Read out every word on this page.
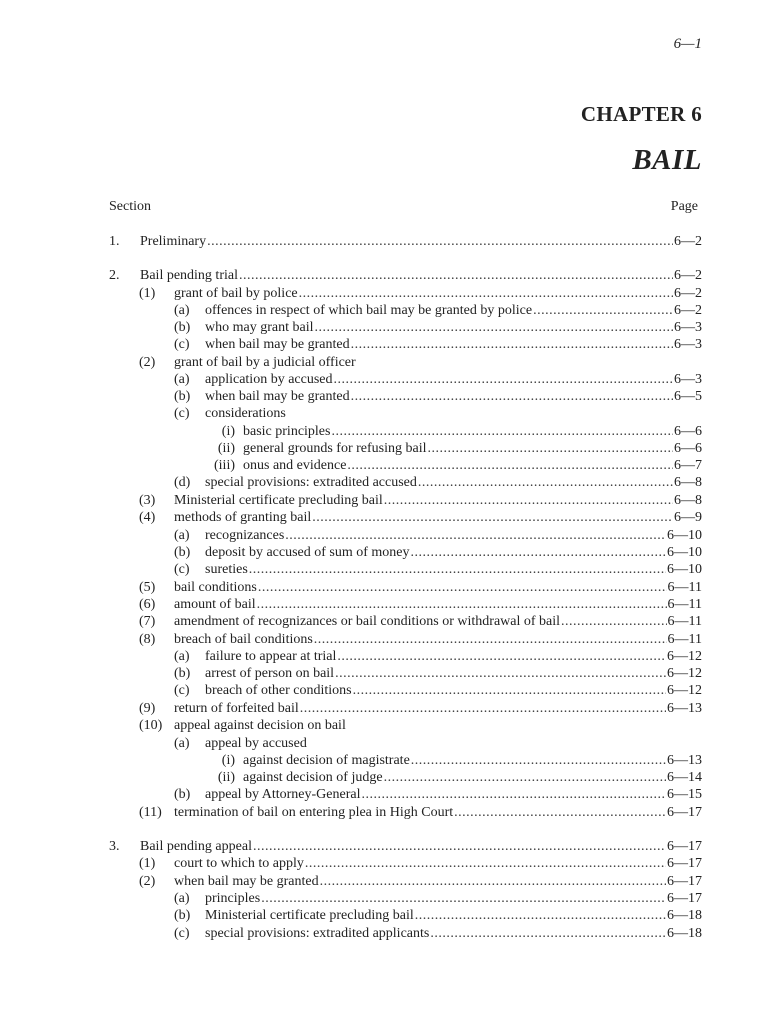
6—1
CHAPTER 6
BAIL
Section	Page
1.	Preliminary .....	6—2
2.	Bail pending trial .....	6—2
(1)	grant of bail by police .....	6—2
(a)	offences in respect of which bail may be granted by police .....	6—2
(b)	who may grant bail .....	6—3
(c)	when bail may be granted .....	6—3
(2)	grant of bail by a judicial officer
(a)	application by accused .....	6—3
(b)	when bail may be granted .....	6—5
(c)	considerations
(i) basic principles .....	6—6
(ii) general grounds for refusing bail .....	6—6
(iii) onus and evidence .....	6—7
(d)	special provisions: extradited accused .....	6—8
(3)	Ministerial certificate precluding bail .....	6—8
(4)	methods of granting bail .....	6—9
(a)	recognizances .....	6—10
(b)	deposit by accused of sum of money .....	6—10
(c)	sureties .....	6—10
(5)	bail conditions .....	6—11
(6)	amount of bail .....	6—11
(7)	amendment of recognizances or bail conditions or withdrawal of bail .....	6—11
(8)	breach of bail conditions .....	6—11
(a)	failure to appear at trial .....	6—12
(b)	arrest of person on bail .....	6—12
(c)	breach of other conditions .....	6—12
(9)	return of forfeited bail .....	6—13
(10) appeal against decision on bail
(a)	appeal by accused
(i) against decision of magistrate .....	6—13
(ii) against decision of judge .....	6—14
(b)	appeal by Attorney-General .....	6—15
(11) termination of bail on entering plea in High Court .....	6—17
3.	Bail pending appeal .....	6—17
(1)	court to which to apply .....	6—17
(2)	when bail may be granted .....	6—17
(a)	principles .....	6—17
(b)	Ministerial certificate precluding bail .....	6—18
(c)	special provisions: extradited applicants .....	6—18
